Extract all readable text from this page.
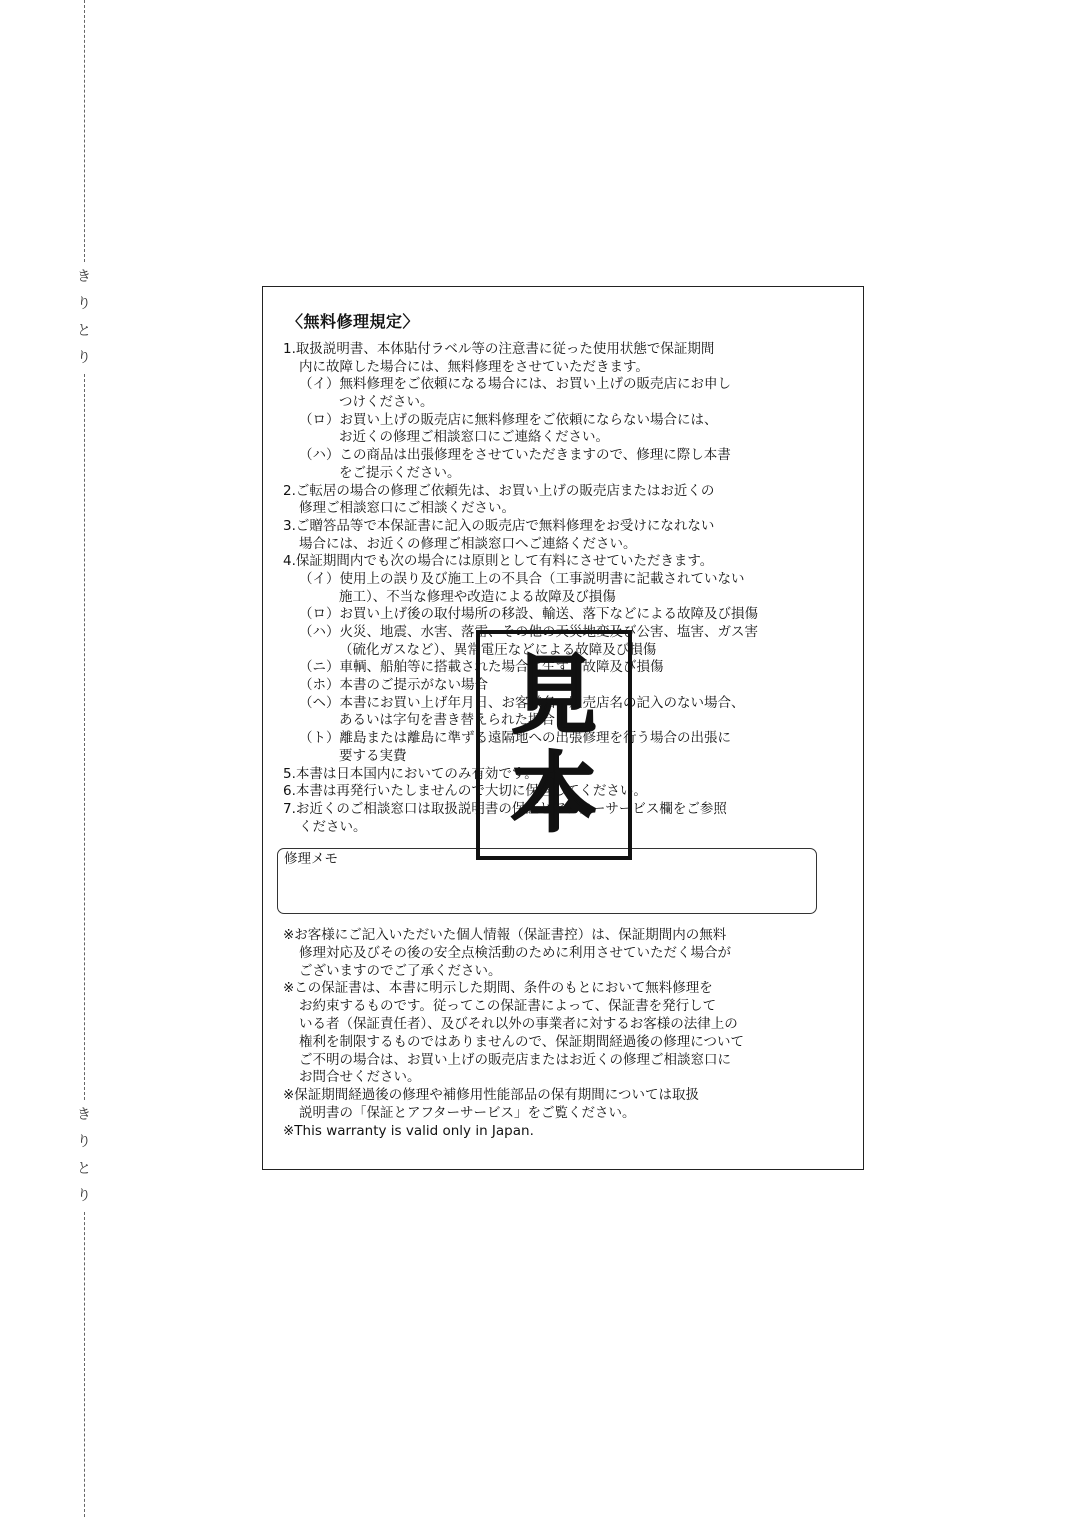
き
り
と
り
き
り
と
り
〈無料修理規定〉
1.取扱説明書、本体貼付ラベル等の注意書に従った使用状態で保証期間
内に故障した場合には、無料修理をさせていただきます。
（イ）無料修理をご依頼になる場合には、お買い上げの販売店にお申し
つけください。
（ロ）お買い上げの販売店に無料修理をご依頼にならない場合には、
お近くの修理ご相談窓口にご連絡ください。
（ハ）この商品は出張修理をさせていただきますので、修理に際し本書
をご提示ください。
2.ご転居の場合の修理ご依頼先は、お買い上げの販売店またはお近くの
修理ご相談窓口にご相談ください。
3.ご贈答品等で本保証書に記入の販売店で無料修理をお受けになれない
場合には、お近くの修理ご相談窓口へご連絡ください。
4.保証期間内でも次の場合には原則として有料にさせていただきます。
（イ）使用上の誤り及び施工上の不具合（工事説明書に記載されていない
施工）、不当な修理や改造による故障及び損傷
（ロ）お買い上げ後の取付場所の移設、輸送、落下などによる故障及び損傷
（ハ）火災、地震、水害、落雷、その他の天災地変及び公害、塩害、ガス害
（硫化ガスなど）、異常電圧などによる故障及び損傷
（ニ）車輌、船舶等に搭載された場合に生ずる故障及び損傷
（ホ）本書のご提示がない場合
（ヘ）本書にお買い上げ年月日、お客様名、販売店名の記入のない場合、
あるいは字句を書き替えられた場合
（ト）離島または離島に準ずる遠隔地への出張修理を行う場合の出張に
要する実費
5.本書は日本国内においてのみ有効です。
6.本書は再発行いたしませんので大切に保管してください。
7.お近くのご相談窓口は取扱説明書の保証とアフターサービス欄をご参照
ください。
修理メモ
※お客様にご記入いただいた個人情報（保証書控）は、保証期間内の無料
修理対応及びその後の安全点検活動のために利用させていただく場合が
ございますのでご了承ください。
※この保証書は、本書に明示した期間、条件のもとにおいて無料修理を
お約束するものです。従ってこの保証書によって、保証書を発行して
いる者（保証責任者）、及びそれ以外の事業者に対するお客様の法律上の
権利を制限するものではありませんので、保証期間経過後の修理について
ご不明の場合は、お買い上げの販売店またはお近くの修理ご相談窓口に
お問合せください。
※保証期間経過後の修理や補修用性能部品の保有期間については取扱
説明書の「保証とアフターサービス」をご覧ください。
※This warranty is valid only in Japan.
見
本
